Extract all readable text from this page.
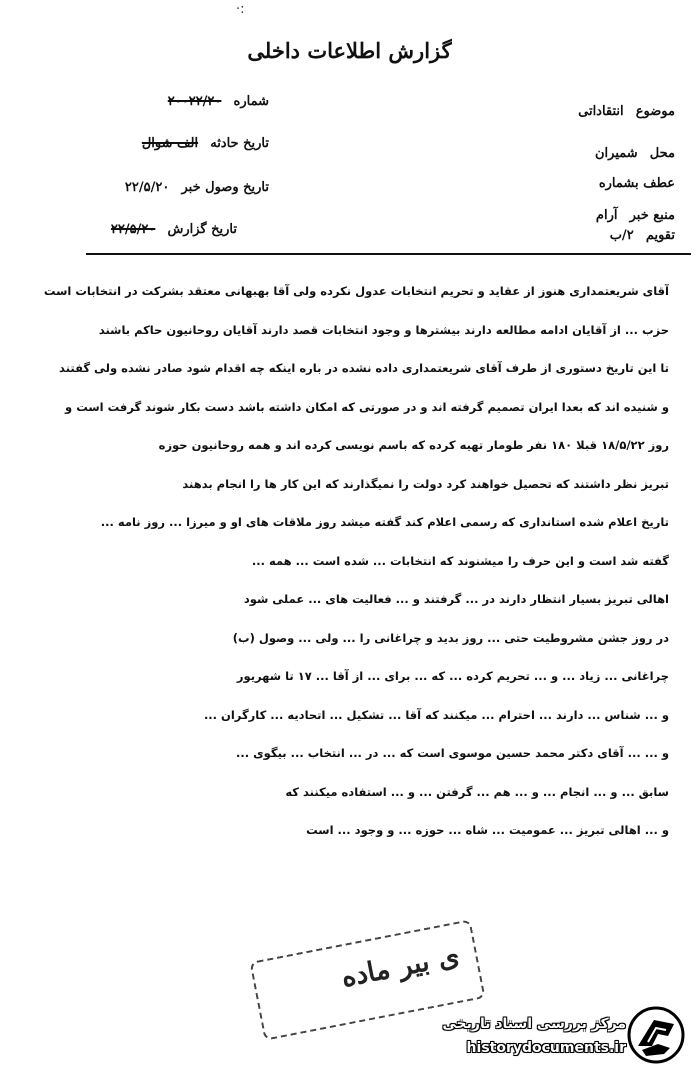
·:
گزارش اطلاعات داخلی
موضوع انتقاداتی
محل شمیران
عطف بشماره
منبع خبر آرام
تقویم ۲/ب
شماره ۲۰۰۲۲/۲۰
تاریخ حادثه الف شوال
تاریخ وصول خبر ۲۲/۵/۲۰
تاریخ گزارش ۲۲/۵/۲۰
آقای شریعتمداری هنوز از عقاید و تحریم انتخابات عدول نکرده ولی آقا بهبهانی معتقد بشرکت در انتخابات است
حزب ... از آقایان ادامه مطالعه دارند بیشترها و وجود انتخابات قصد دارند آقایان روحانیون حاکم باشند
تا این تاریخ دستوری از طرف آقای شریعتمداری داده نشده در باره اینکه چه اقدام شود صادر نشده ولی گفتند
و شنیده اند که بعدا ایران تصمیم گرفته اند و در صورتی که امکان داشته باشد دست بکار شوند گرفت است و
روز ۱۸/۵/۲۲ قبلا ۱۸۰ نفر طومار تهیه کرده که باسم نویسی کرده اند و همه روحانیون حوزه
تبریز نظر داشتند که تحصیل خواهند کرد دولت را نمیگذارند که این کار ها را انجام بدهند
تاریخ اعلام شده استانداری که رسمی اعلام کند گفته میشد روز ملاقات های او و میرزا ... روز نامه ...
گفته شد است و این حرف را میشنوند که انتخابات ... شده است ... همه ...
اهالی تبریز بسیار انتظار دارند در ... گرفتند و ... فعالیت های ... عملی شود
در روز جشن مشروطیت حتی ... روز بدید و چراغانی را ... ولی ... وصول (ب)
چراغانی ... زیاد ... و ... تحریم کرده ... که ... برای ... از آقا ... ۱۷ تا شهریور
و ... شناس ... دارند ... احترام ... میکنند که آقا ... تشکیل ... اتحادیه ... کارگران ...
و ... ... آقای دکتر محمد حسین موسوی است که ... در ... انتخاب ... بیگوی ...
سابق ... و ... انجام ... و ... هم ... گرفتن ... و ... استفاده میکنند که
و ... اهالی تبریز ... عمومیت ... شاه ... حوزه ... و وجود ... است
ی بیر ماده
مرکز بررسی اسناد تاریخی
historydocuments.ir
